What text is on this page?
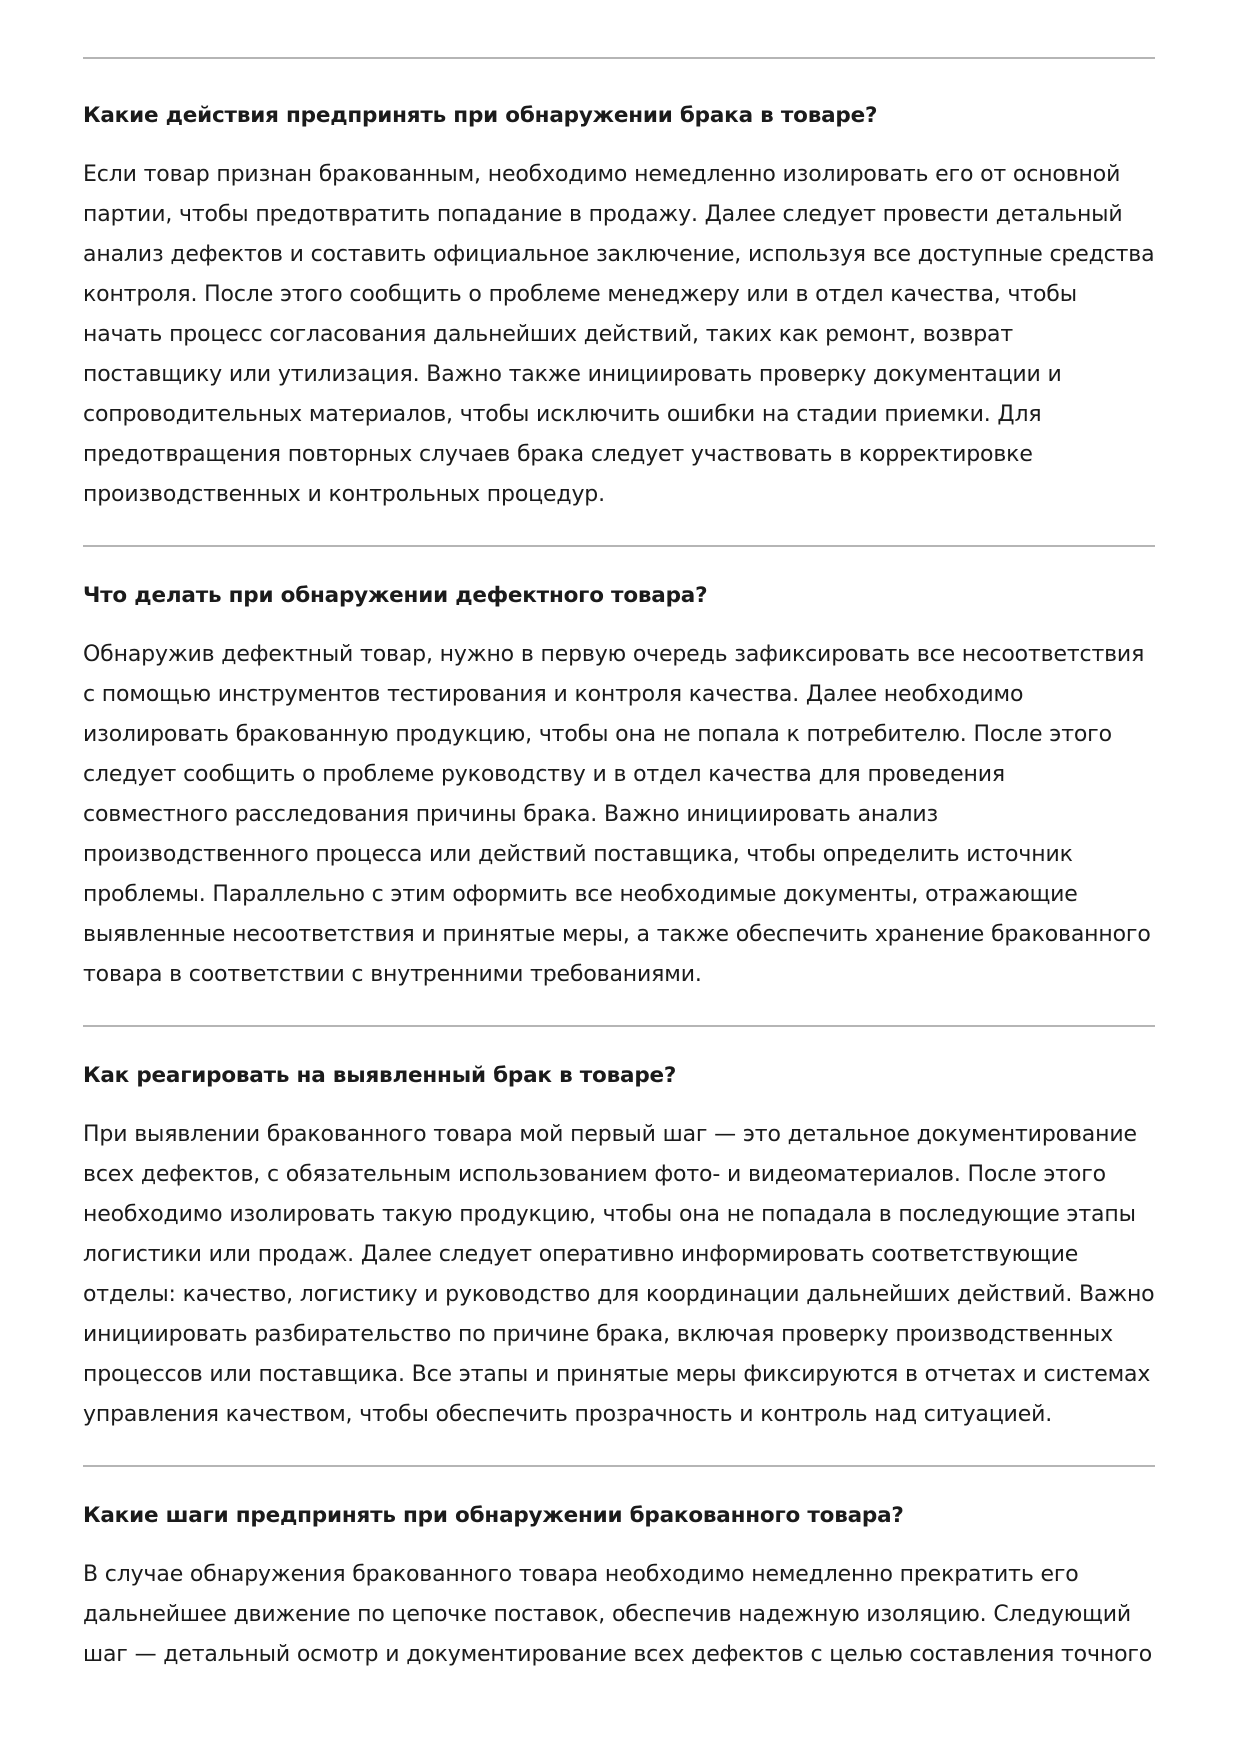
Какие действия предпринять при обнаружении брака в товаре?

Если товар признан бракованным, необходимо немедленно изолировать его от основной партии, чтобы предотвратить попадание в продажу. Далее следует провести детальный анализ дефектов и составить официальное заключение, используя все доступные средства контроля. После этого сообщить о проблеме менеджеру или в отдел качества, чтобы начать процесс согласования дальнейших действий, таких как ремонт, возврат поставщику или утилизация. Важно также инициировать проверку документации и сопроводительных материалов, чтобы исключить ошибки на стадии приемки. Для предотвращения повторных случаев брака следует участвовать в корректировке производственных и контрольных процедур.

Что делать при обнаружении дефектного товара?

Обнаружив дефектный товар, нужно в первую очередь зафиксировать все несоответствия с помощью инструментов тестирования и контроля качества. Далее необходимо изолировать бракованную продукцию, чтобы она не попала к потребителю. После этого следует сообщить о проблеме руководству и в отдел качества для проведения совместного расследования причины брака. Важно инициировать анализ производственного процесса или действий поставщика, чтобы определить источник проблемы. Параллельно с этим оформить все необходимые документы, отражающие выявленные несоответствия и принятые меры, а также обеспечить хранение бракованного товара в соответствии с внутренними требованиями.

Как реагировать на выявленный брак в товаре?

При выявлении бракованного товара мой первый шаг — это детальное документирование всех дефектов, с обязательным использованием фото- и видеоматериалов. После этого необходимо изолировать такую продукцию, чтобы она не попадала в последующие этапы логистики или продаж. Далее следует оперативно информировать соответствующие отделы: качество, логистику и руководство для координации дальнейших действий. Важно инициировать разбирательство по причине брака, включая проверку производственных процессов или поставщика. Все этапы и принятые меры фиксируются в отчетах и системах управления качеством, чтобы обеспечить прозрачность и контроль над ситуацией.

Какие шаги предпринять при обнаружении бракованного товара?

В случае обнаружения бракованного товара необходимо немедленно прекратить его дальнейшее движение по цепочке поставок, обеспечив надежную изоляцию. Следующий шаг — детальный осмотр и документирование всех дефектов с целью составления точного
